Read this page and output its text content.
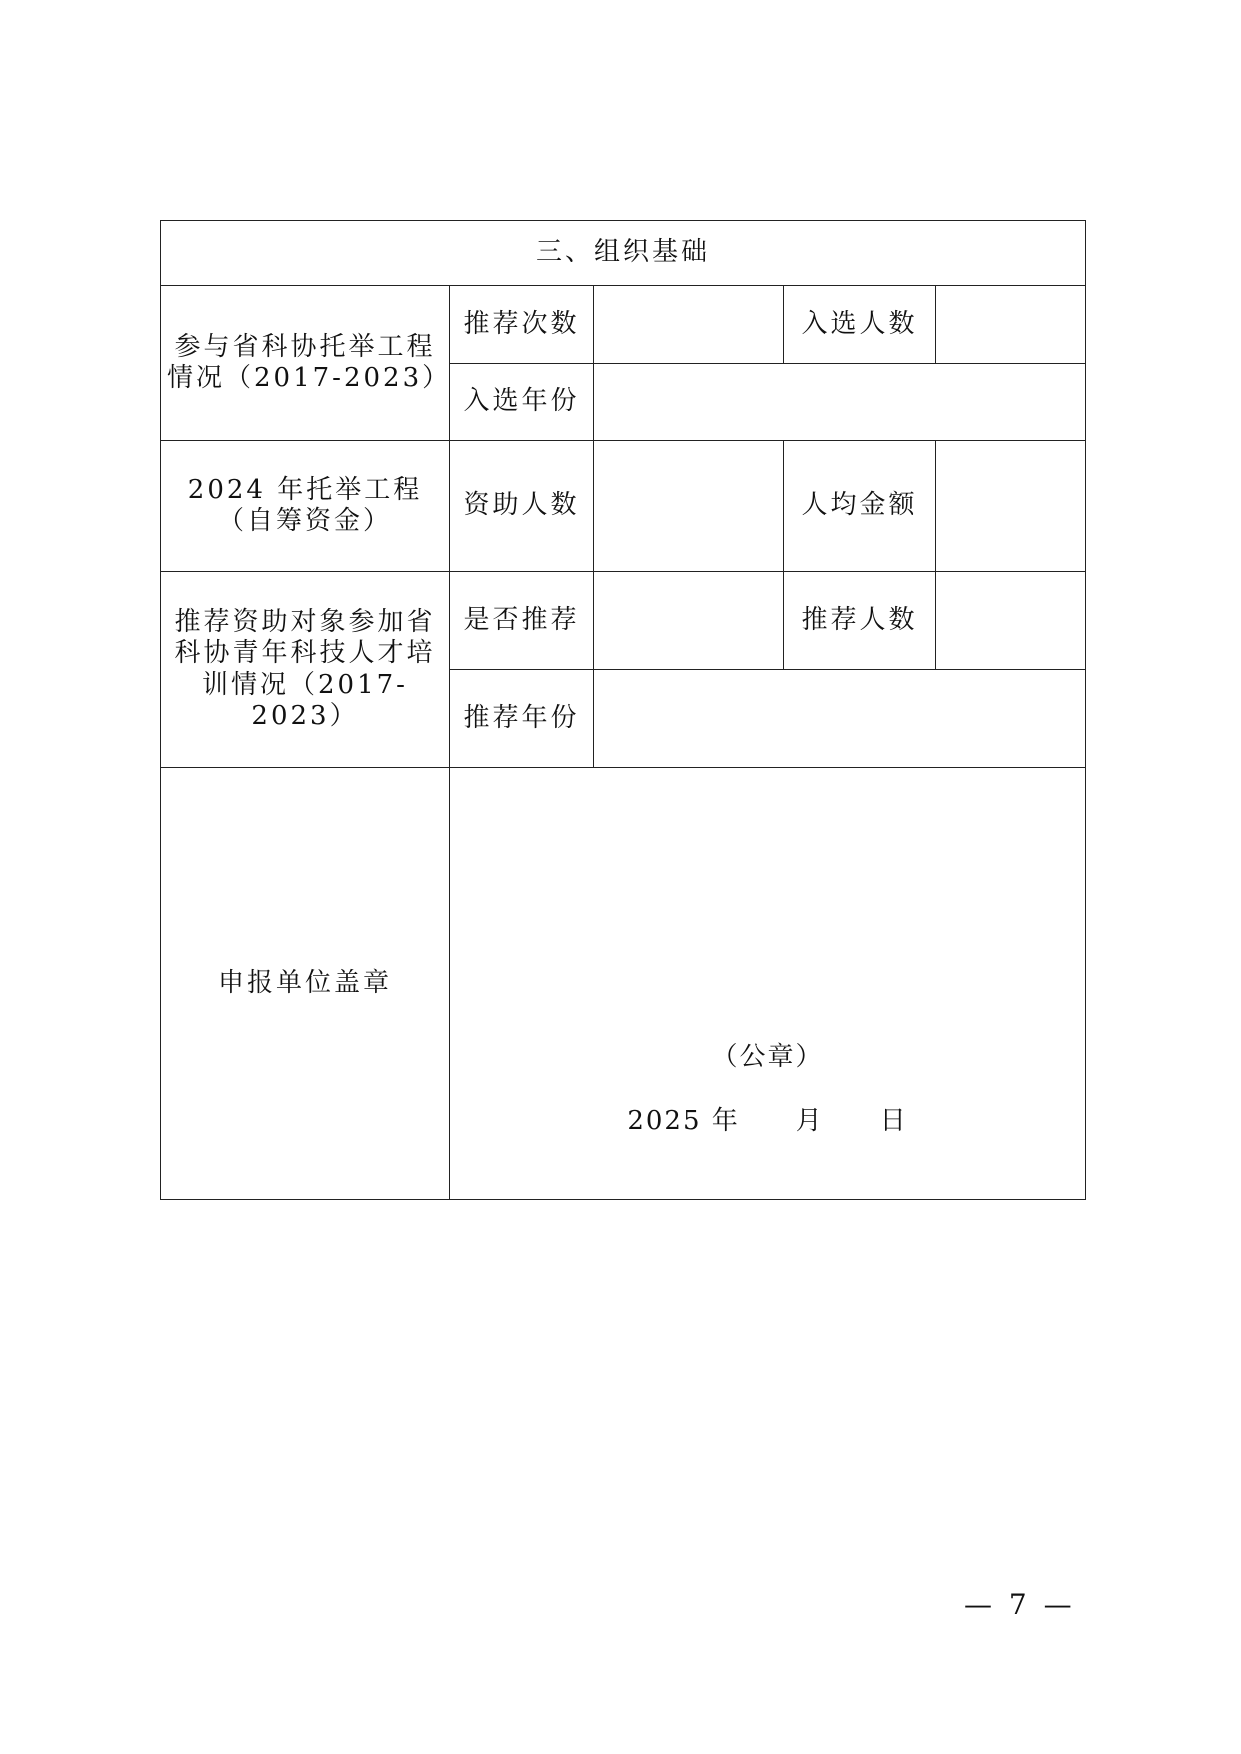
三、组织基础				

参与省科协托举工程
情况（2017-2023）	推荐次数		入选人数	
	入选年份			

2024 年托举工程
（自筹资金）	资助人数		人均金额	

推荐资助对象参加省
科协青年科技人才培
训情况（2017-2023）	是否推荐		推荐人数	
	推荐年份			
申报单位盖章	（公章）
2025 年　　月　　日			
— 7 —
